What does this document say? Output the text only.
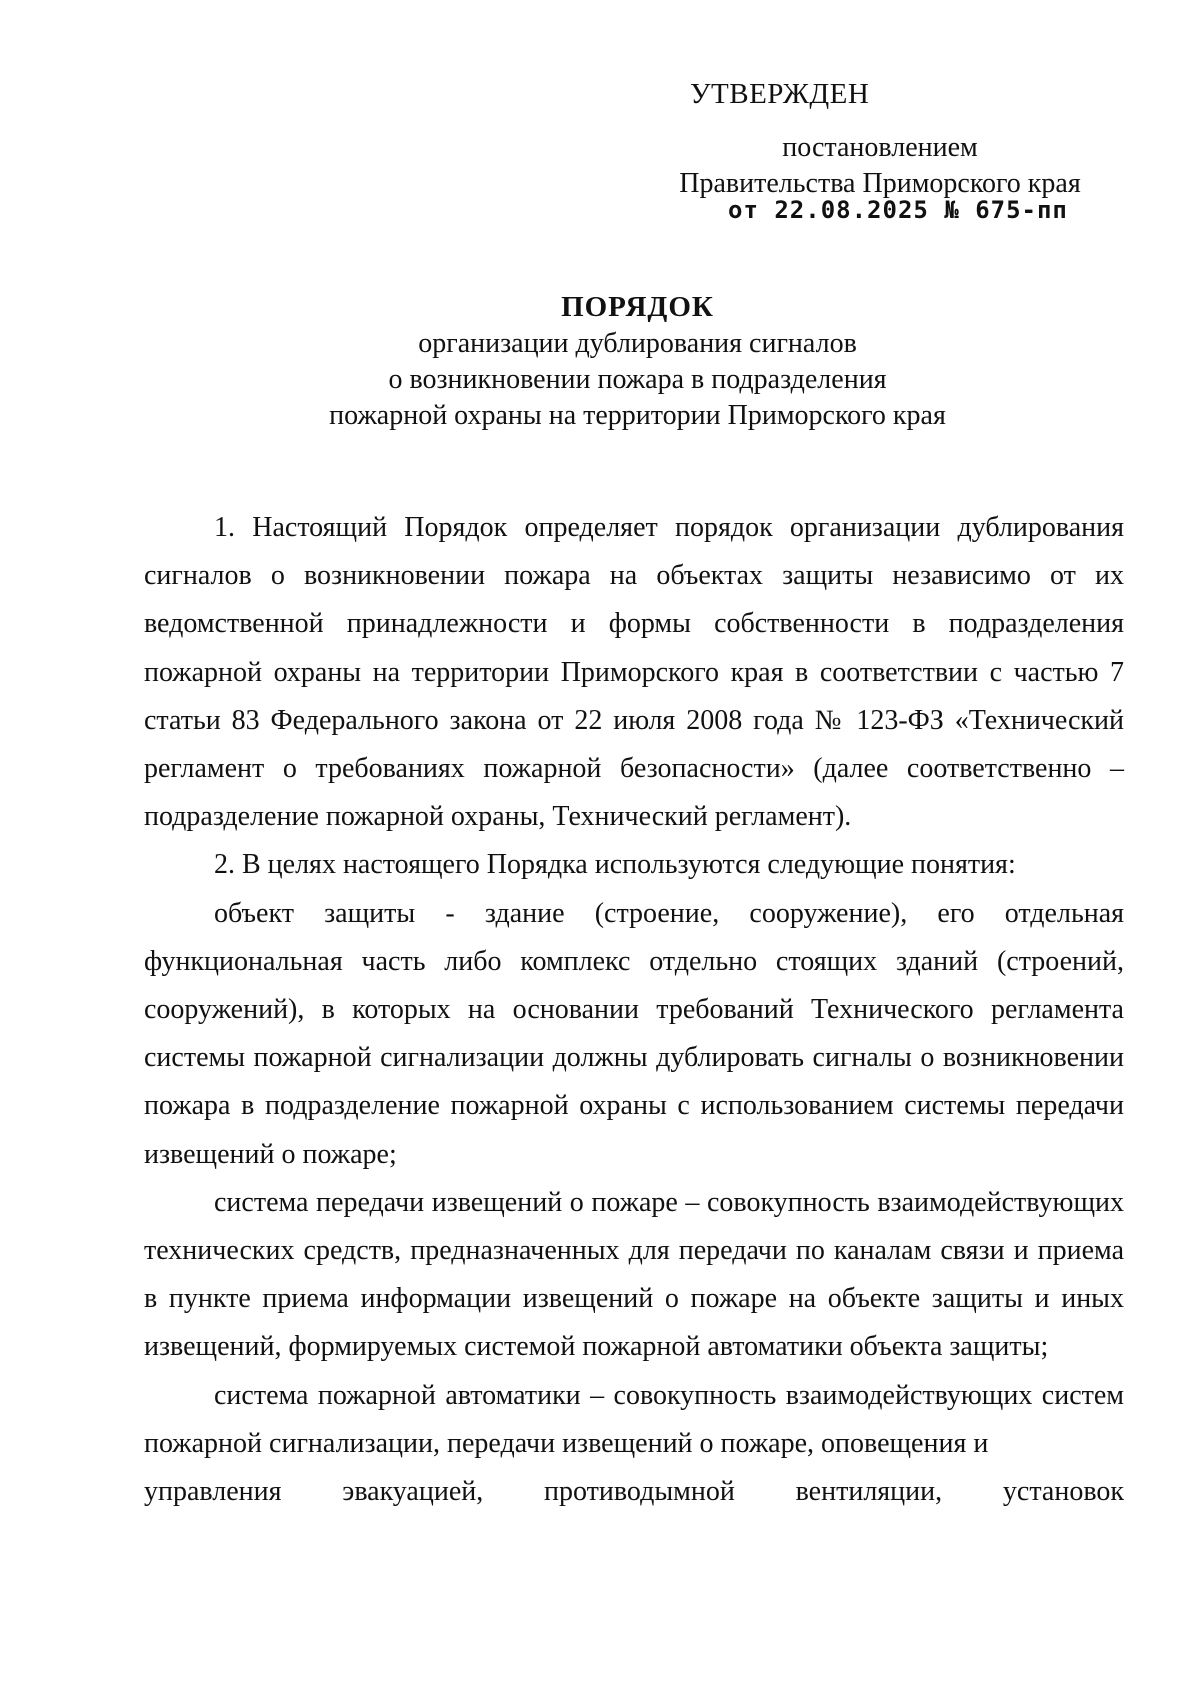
УТВЕРЖДЕН
постановлением
Правительства Приморского края
от 22.08.2025 № 675-пп
ПОРЯДОК
организации дублирования сигналов
о возникновении пожара в подразделения
пожарной охраны на территории Приморского края

1. Настоящий Порядок определяет порядок организации дублирования сигналов о возникновении пожара на объектах защиты независимо от их ведомственной принадлежности и формы собственности в подразделения пожарной охраны на территории Приморского края в соответствии с частью 7 статьи 83 Федерального закона от 22 июля 2008 года № 123-ФЗ «Технический регламент о требованиях пожарной безопасности» (далее соответственно – подразделение пожарной охраны, Технический регламент).

2. В целях настоящего Порядка используются следующие понятия:

объект защиты - здание (строение, сооружение), его отдельная функциональная часть либо комплекс отдельно стоящих зданий (строений, сооружений), в которых на основании требований Технического регламента системы пожарной сигнализации должны дублировать сигналы о возникновении пожара в подразделение пожарной охраны с использованием системы передачи извещений о пожаре;

система передачи извещений о пожаре – совокупность взаимодействующих технических средств, предназначенных для передачи по каналам связи и приема в пункте приема информации извещений о пожаре на объекте защиты и иных извещений, формируемых системой пожарной автоматики объекта защиты;

система пожарной автоматики – совокупность взаимодействующих систем пожарной сигнализации, передачи извещений о пожаре, оповещения и

управления эвакуацией, противодымной вентиляции, установок
